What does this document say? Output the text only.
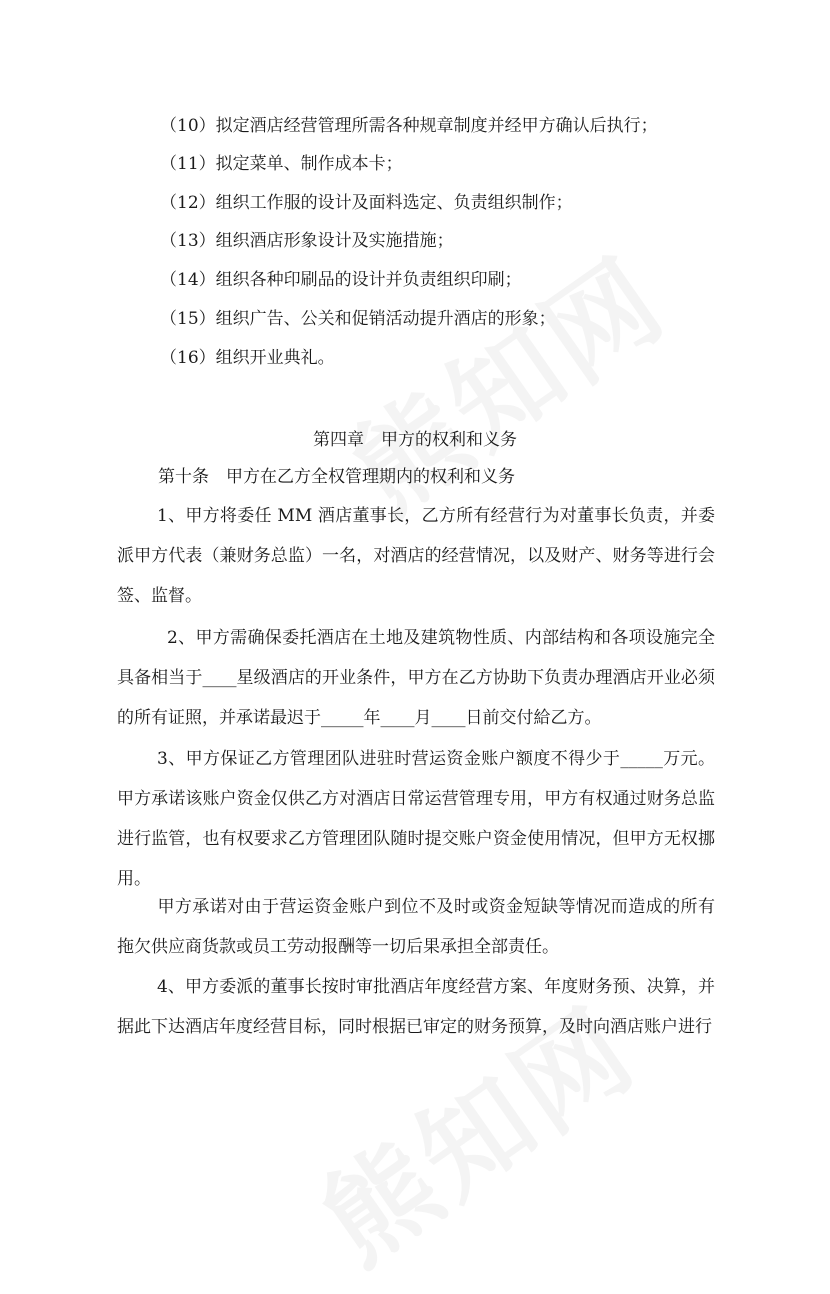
（10）拟定酒店经营管理所需各种规章制度并经甲方确认后执行；
（11）拟定菜单、制作成本卡；
（12）组织工作服的设计及面料选定、负责组织制作；
（13）组织酒店形象设计及实施措施；
（14）组织各种印刷品的设计并负责组织印刷；
（15）组织广告、公关和促销活动提升酒店的形象；
（16）组织开业典礼。
第四章　甲方的权利和义务
第十条　甲方在乙方全权管理期内的权利和义务
1、甲方将委任 MM 酒店董事长，乙方所有经营行为对董事长负责，并委派甲方代表（兼财务总监）一名，对酒店的经营情况，以及财产、财务等进行会签、监督。
2、甲方需确保委托酒店在土地及建筑物性质、内部结构和各项设施完全具备相当于____星级酒店的开业条件，甲方在乙方协助下负责办理酒店开业必须的所有证照，并承诺最迟于_____年____月____日前交付給乙方。
3、甲方保证乙方管理团队进驻时营运资金账户额度不得少于_____万元。甲方承诺该账户资金仅供乙方对酒店日常运营管理专用，甲方有权通过财务总监进行监管，也有权要求乙方管理团队随时提交账户资金使用情况，但甲方无权挪用。
甲方承诺对由于营运资金账户到位不及时或资金短缺等情况而造成的所有拖欠供应商货款或员工劳动报酬等一切后果承担全部责任。
4、甲方委派的董事长按时审批酒店年度经营方案、年度财务预、决算，并据此下达酒店年度经营目标，同时根据已审定的财务预算，及时向酒店账户进行
